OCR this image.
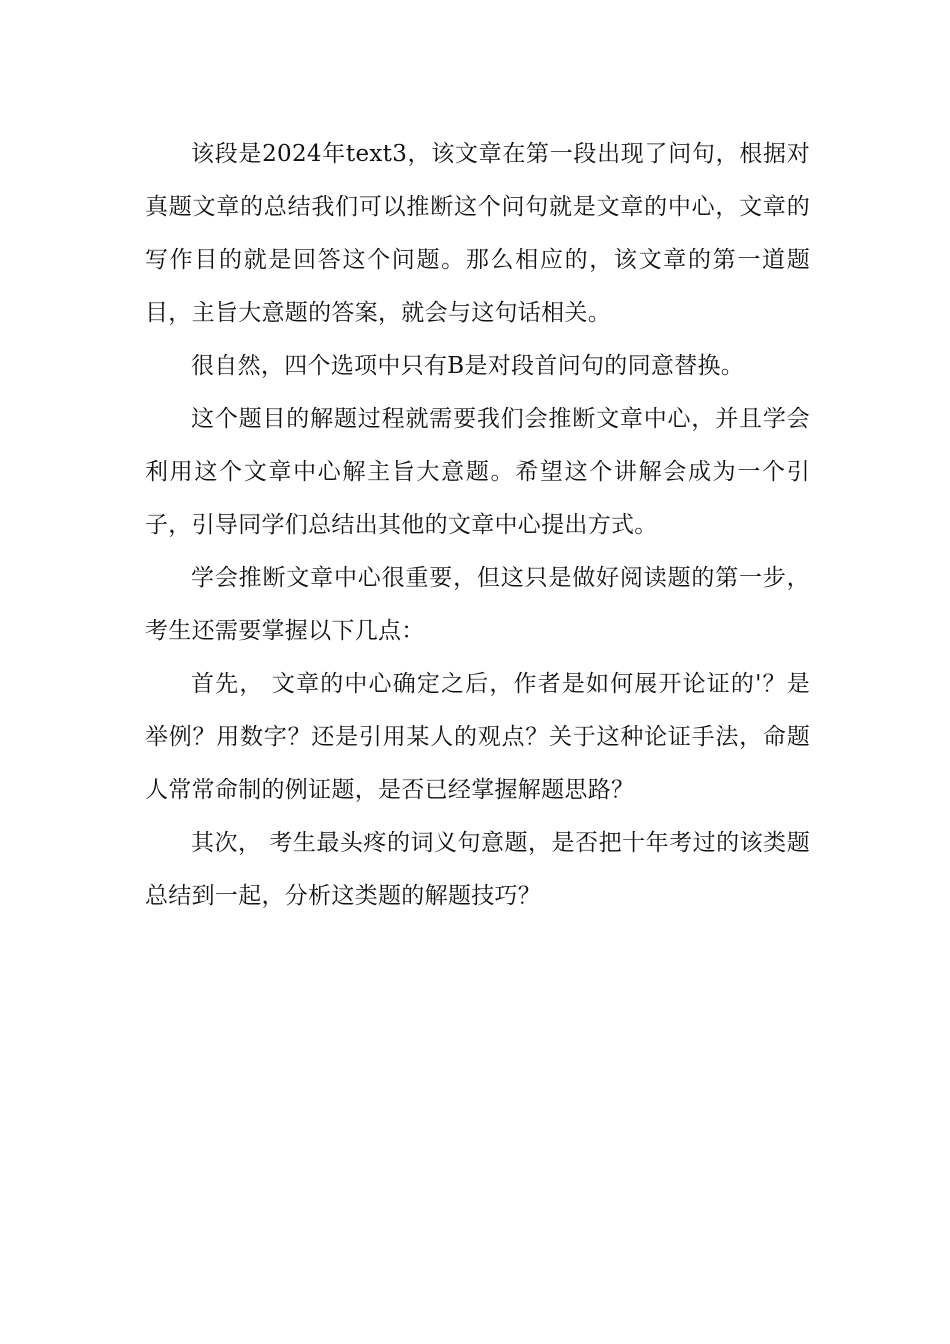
该段是2024年text3，该文章在第一段出现了问句，根据对真题文章的总结我们可以推断这个问句就是文章的中心，文章的写作目的就是回答这个问题。那么相应的，该文章的第一道题目，主旨大意题的答案，就会与这句话相关。

很自然，四个选项中只有B是对段首问句的同意替换。

这个题目的解题过程就需要我们会推断文章中心，并且学会利用这个文章中心解主旨大意题。希望这个讲解会成为一个引子，引导同学们总结出其他的文章中心提出方式。

学会推断文章中心很重要，但这只是做好阅读题的第一步，考生还需要掌握以下几点：

首先， 文章的中心确定之后，作者是如何展开论证的'？是举例？用数字？还是引用某人的观点？关于这种论证手法，命题人常常命制的例证题，是否已经掌握解题思路？

其次， 考生最头疼的词义句意题，是否把十年考过的该类题总结到一起，分析这类题的解题技巧？
